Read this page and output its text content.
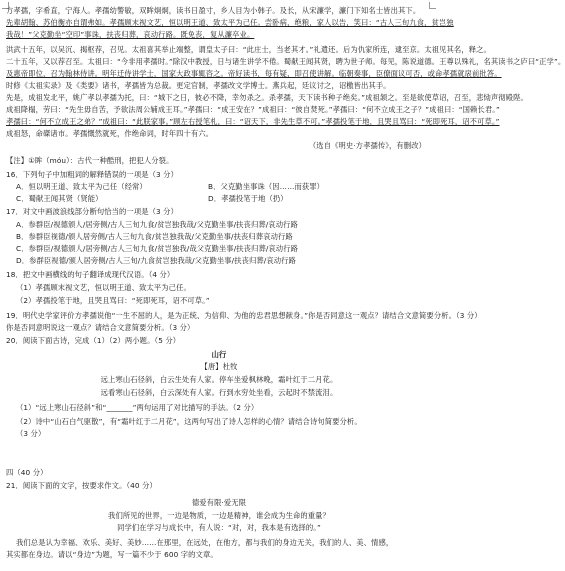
方孝孺，字希直，宁海人。孝孺幼警敏，双眸炯炯，读书日盈寸，乡人目为小韩子。及长，从宋濂学，濂门下知名士皆出其下。
先辈胡翰、苏伯衡亦自谓弗如。孝孺顾末视文艺，恒以明王道、致太平为己任。尝卧病，绝粮，家人以告，笑曰：“古人三旬九食，贫岂独
我哉！”父克勤坐“空印”事诛，扶丧归葬，哀动行路。既免丧，复从濂卒业。
洪武十五年，以吴沉、揭枢荐，召见。太祖喜其举止端整，谓皇太子曰：“此庄士，当老其才。”礼遣还。后为仇家所连，逮至京。太祖见其名，释之。
二十五年，又以荐召至。太祖曰：“今非用孝孺时。”除汉中教授，日与诸生讲学不倦。蜀献王闻其贤，聘为世子师。每见，陈说道德。王尊以殊礼，名其读书之庐曰“正学”。
及惠帝即位，召为翰林侍讲。明年迁侍讲学士，国家大政事辄咨之。帝好读书，每有疑，即召使讲解。临朝奏事，臣僚面议可否，或命孝孺就扆前批答。
时修《太祖实录》及《类要》诸书，孝孺皆为总裁。更定官制，孝孺改文学博士。燕兵起，廷议讨之，诏檄皆出其手。
先是，成祖发北平，姚广孝以孝孺为托，曰：“城下之日，彼必不降，幸勿杀之。杀孝孺，天下读书种子绝矣。”成祖颔之。至是欲使草诏，召至，悲恸声彻殿陛。
成祖降榻，劳曰：“先生毋自苦，予欲法周公辅成王耳。”孝孺曰：“成王安在？”成祖曰：“彼自焚死。”孝孺曰：“何不立成王之子？”成祖曰：“国赖长君。”
孝孺曰：“何不立成王之弟？”成祖曰：“此朕家事。”顾左右授笔札，曰：“诏天下，非先生草不可。”孝孺投笔于地，且哭且骂曰：“死即死耳，诏不可草。”
成祖怒，命磔诸市。孝孺慨然就死，作绝命词，时年四十有六。
（选自《明史·方孝孺传》，有删改）
【注】①眸（móu）：古代一种酷刑，把犯人分裂。
16．下列句子中加粗词的解释错误的一项是（3 分）
A．恒以明王道、致太平为己任（经常）	B．父克勤坐事诛（因……而获罪）
C．蜀献王闻其贤（贤能）	D．孝孺投笔于地（扔）
17．对文中画波浪线部分断句恰当的一项是（3 分）
A．参群臣/视德颁人/居旁侧/古人三旬九食/贫岂独我哉/父克勤坐事/扶丧归葬/哀动行路
B．参群臣视德/颁人居旁侧/古人三旬九食/贫岂独我哉/父克勤坐事/扶丧归葬哀动行路
C．参群臣/视德颁人/居旁侧/古人三旬九食/贫岂独我/哉父克勤坐事/扶丧归葬/哀动行路
D．参群臣视德/颁人居旁侧/古人三旬/九食贫岂独我哉/父克勤坐事/扶丧归葬/哀动行路
18．把文中画横线的句子翻译成现代汉语。（4 分）
（1）孝孺顾末视文艺，恒以明王道、致太平为己任。
（2）孝孺投笔于地，且哭且骂曰：“死即死耳，诏不可草。”
19．明代史学家评价方孝孺说他“一生不屈的人，是为正统、为信仰、为他的忠君思想献身。”你是否同意这一观点？请结合文意简要分析。（3 分）
你是否同意明说这一观点？请结合文意简要分析。（3 分）
20．阅读下面古诗，完成（1）（2）两小题。（5 分）
山行
【唐】杜牧
远上寒山石径斜，白云生处有人家。停车坐爱枫林晚，霜叶红于二月花。
远看寒山石径斜，白云深处有人家。行到水穷处坐看，云起时不禁流泪。
（1）“远上寒山石径斜”和“_______”两句运用了对比描写的手法。（2 分）
（2）诗中“山石白气驱散”，有“霜叶红于二月花”，这两句写出了诗人怎样的心情？请结合诗句简要分析。
（3 分）
四（40 分）
21．阅读下面的文字，按要求作文。（40 分）
德爱有限·爱无限
我们所见的世界，一边是物质，一边是精神，谁会成为生命的重量？
同学们在学习与成长中，有人说：“对，对，我本是有选择的。”
我们总是认为幸福、欢乐、美好、美妙……在那里，在远处，在他方，都与我们的身边无关，我们的人、美、情感，
其实都在身边。请以“身边”为题，写一篇不少于 600 字的文章。
